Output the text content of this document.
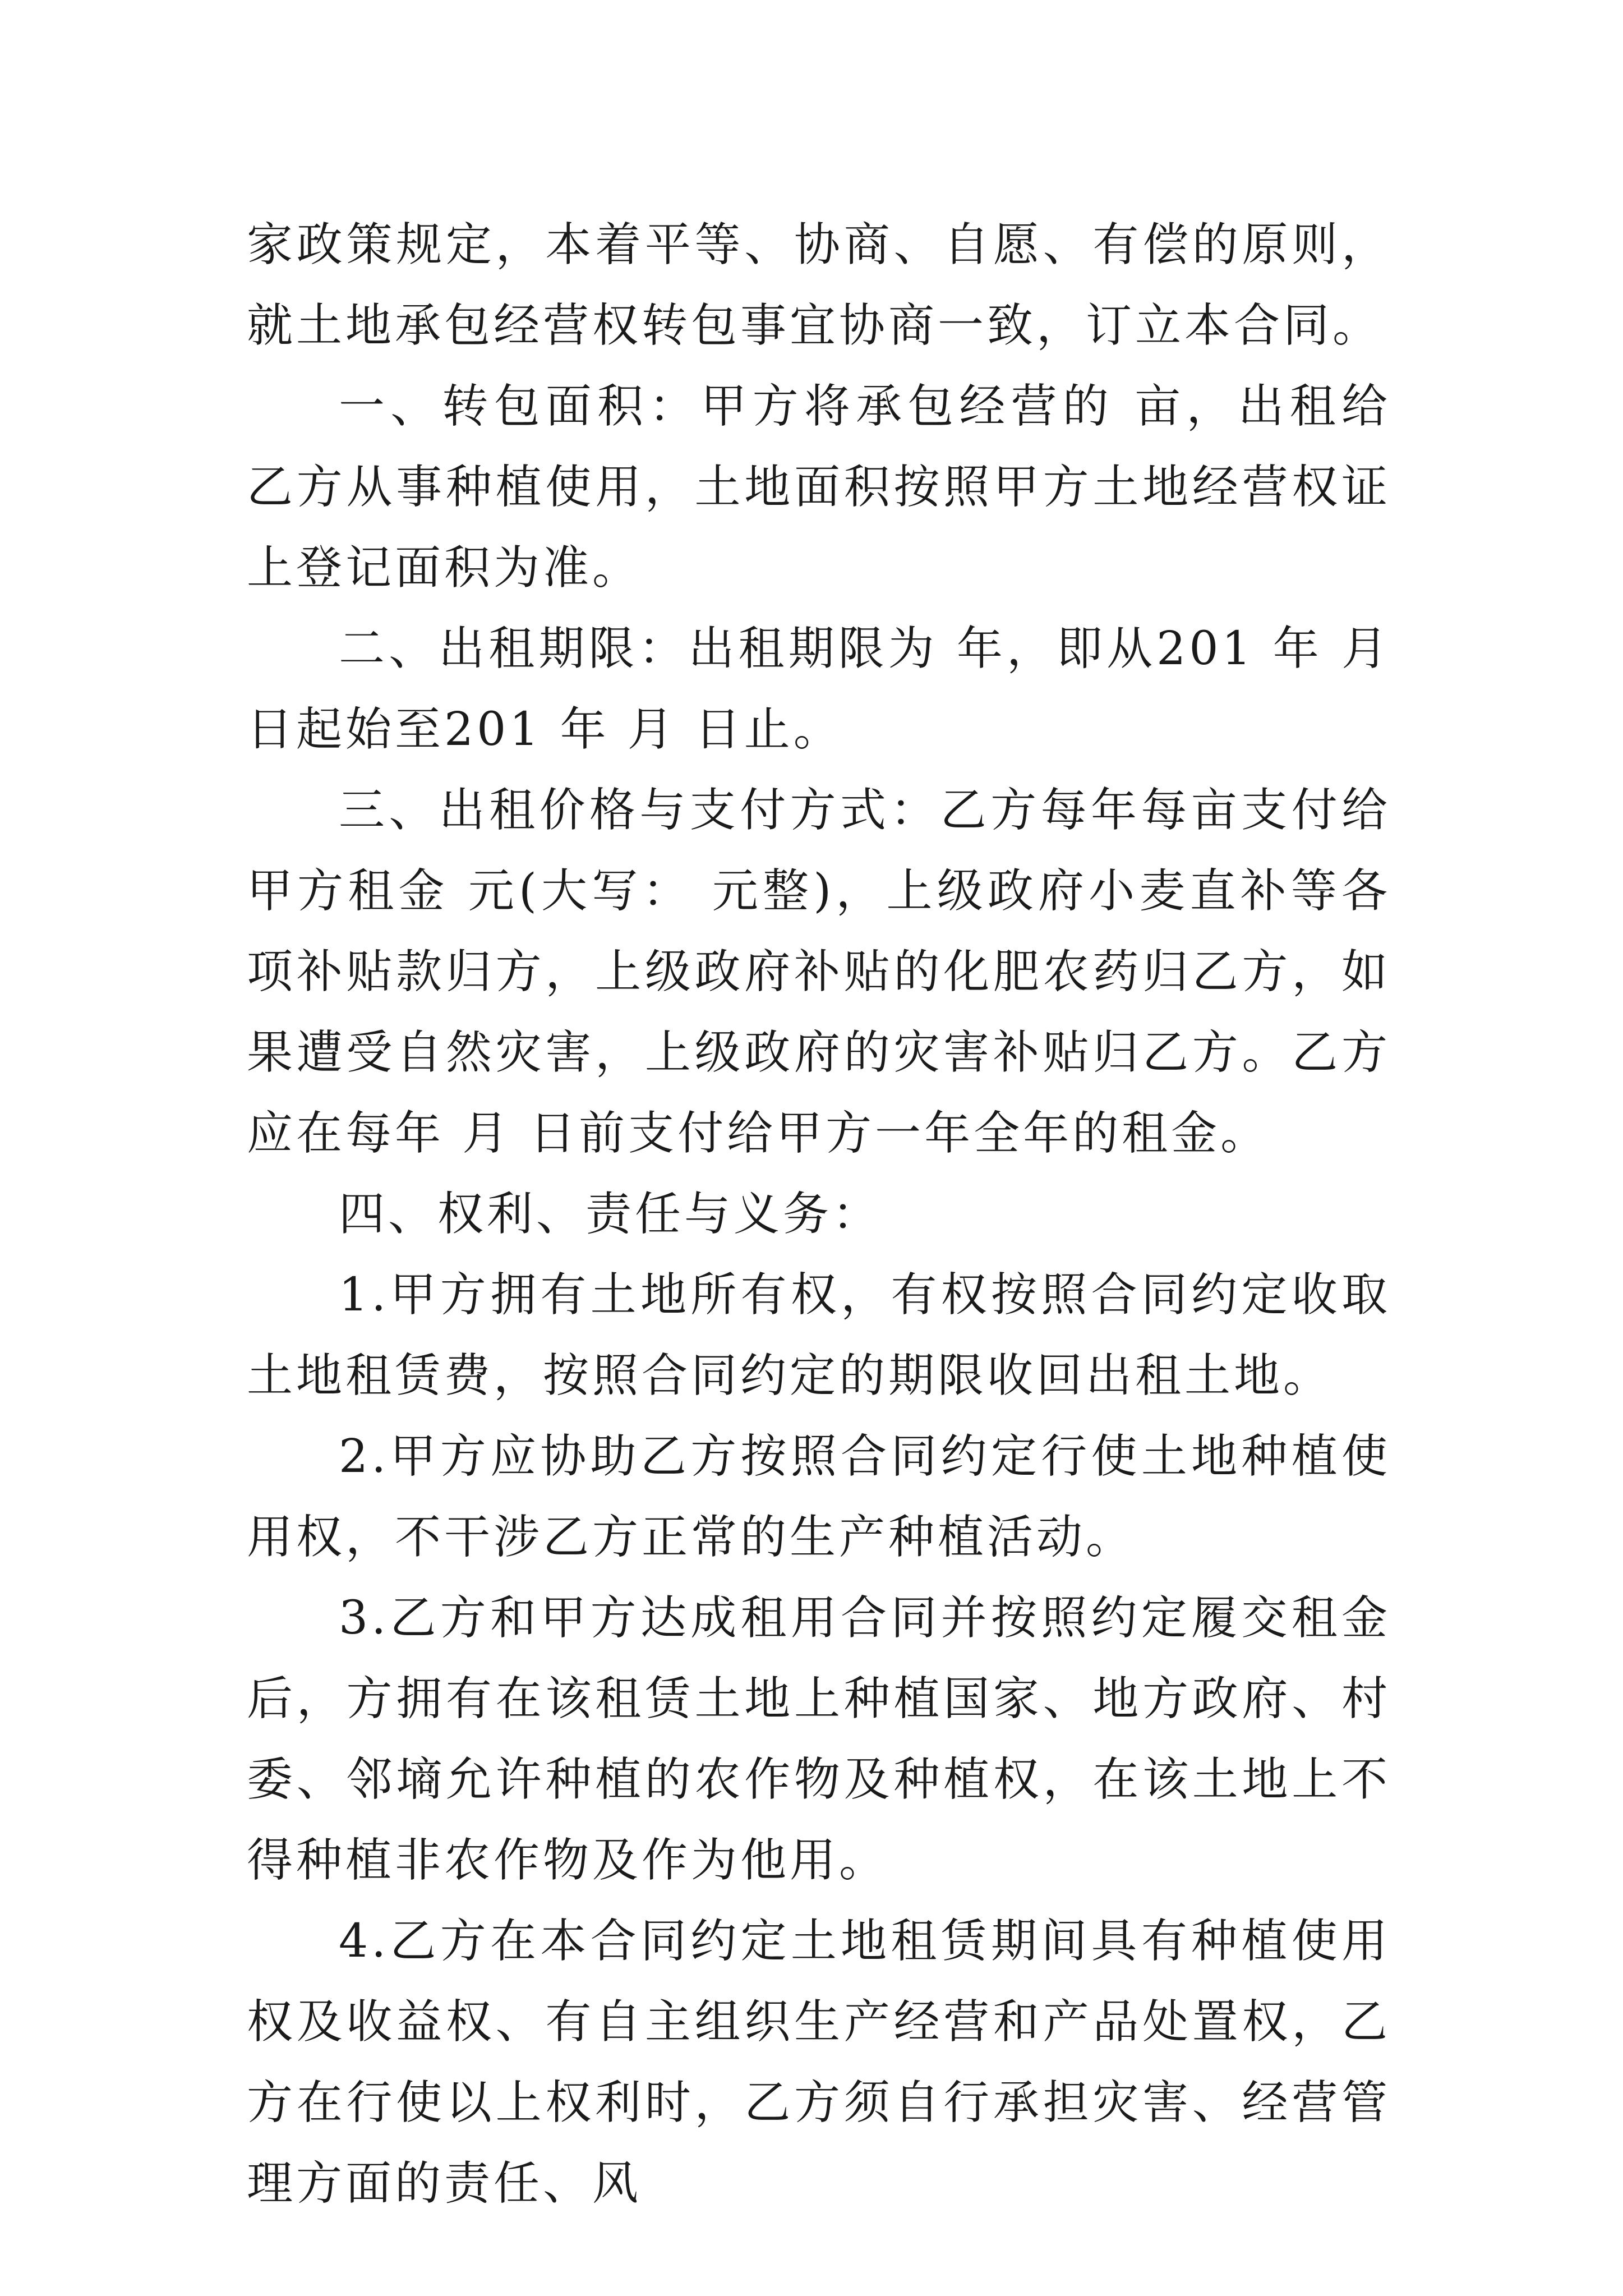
家政策规定，本着平等、协商、自愿、有偿的原则，就土地承包经营权转包事宜协商一致，订立本合同。

一、转包面积：甲方将承包经营的 亩，出租给乙方从事种植使用，土地面积按照甲方土地经营权证上登记面积为准。

二、出租期限：出租期限为 年，即从201 年 月 日起始至201 年 月 日止。

三、出租价格与支付方式：乙方每年每亩支付给甲方租金 元(大写： 元整)，上级政府小麦直补等各项补贴款归方，上级政府补贴的化肥农药归乙方，如果遭受自然灾害，上级政府的灾害补贴归乙方。乙方应在每年 月 日前支付给甲方一年全年的租金。

四、权利、责任与义务：

1.甲方拥有土地所有权，有权按照合同约定收取土地租赁费，按照合同约定的期限收回出租土地。

2.甲方应协助乙方按照合同约定行使土地种植使用权，不干涉乙方正常的生产种植活动。

3.乙方和甲方达成租用合同并按照约定履交租金后，方拥有在该租赁土地上种植国家、地方政府、村委、邻墒允许种植的农作物及种植权，在该土地上不得种植非农作物及作为他用。

4.乙方在本合同约定土地租赁期间具有种植使用权及收益权、有自主组织生产经营和产品处置权，乙方在行使以上权利时，乙方须自行承担灾害、经营管理方面的责任、风
